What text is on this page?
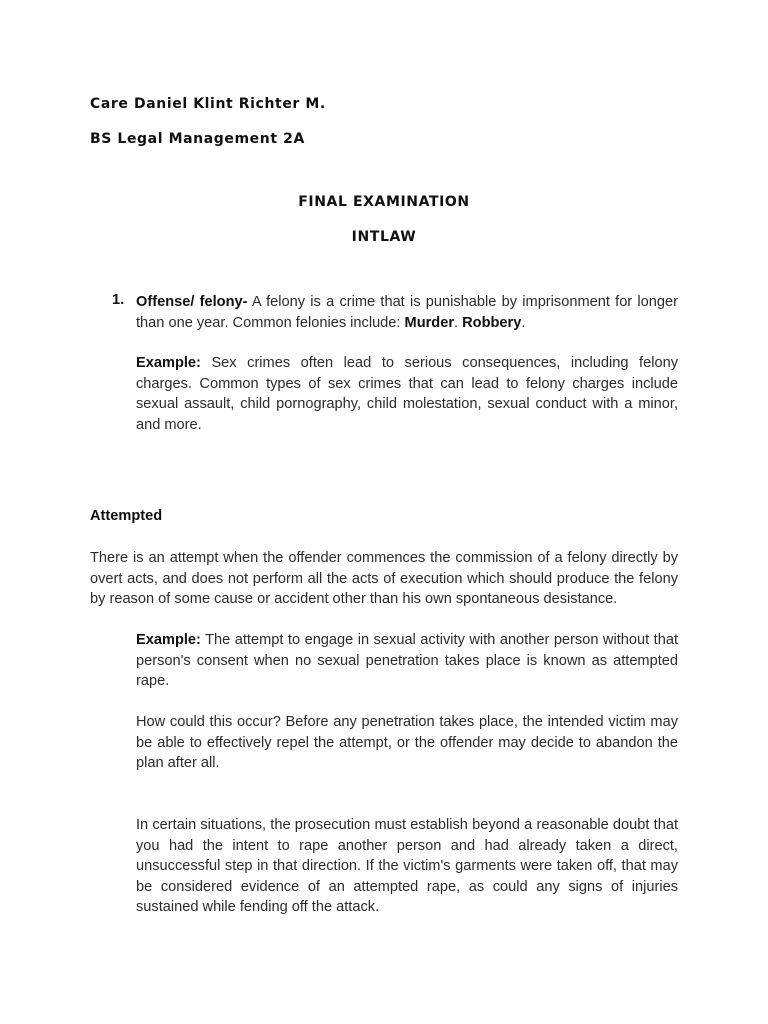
Care Daniel Klint Richter M.
BS Legal Management 2A
FINAL EXAMINATION
INTLAW
1. Offense/ felony- A felony is a crime that is punishable by imprisonment for longer than one year. Common felonies include: Murder. Robbery.
Example: Sex crimes often lead to serious consequences, including felony charges. Common types of sex crimes that can lead to felony charges include sexual assault, child pornography, child molestation, sexual conduct with a minor, and more.
Attempted
There is an attempt when the offender commences the commission of a felony directly by overt acts, and does not perform all the acts of execution which should produce the felony by reason of some cause or accident other than his own spontaneous desistance.
Example: The attempt to engage in sexual activity with another person without that person's consent when no sexual penetration takes place is known as attempted rape.
How could this occur? Before any penetration takes place, the intended victim may be able to effectively repel the attempt, or the offender may decide to abandon the plan after all.
In certain situations, the prosecution must establish beyond a reasonable doubt that you had the intent to rape another person and had already taken a direct, unsuccessful step in that direction. If the victim's garments were taken off, that may be considered evidence of an attempted rape, as could any signs of injuries sustained while fending off the attack.
